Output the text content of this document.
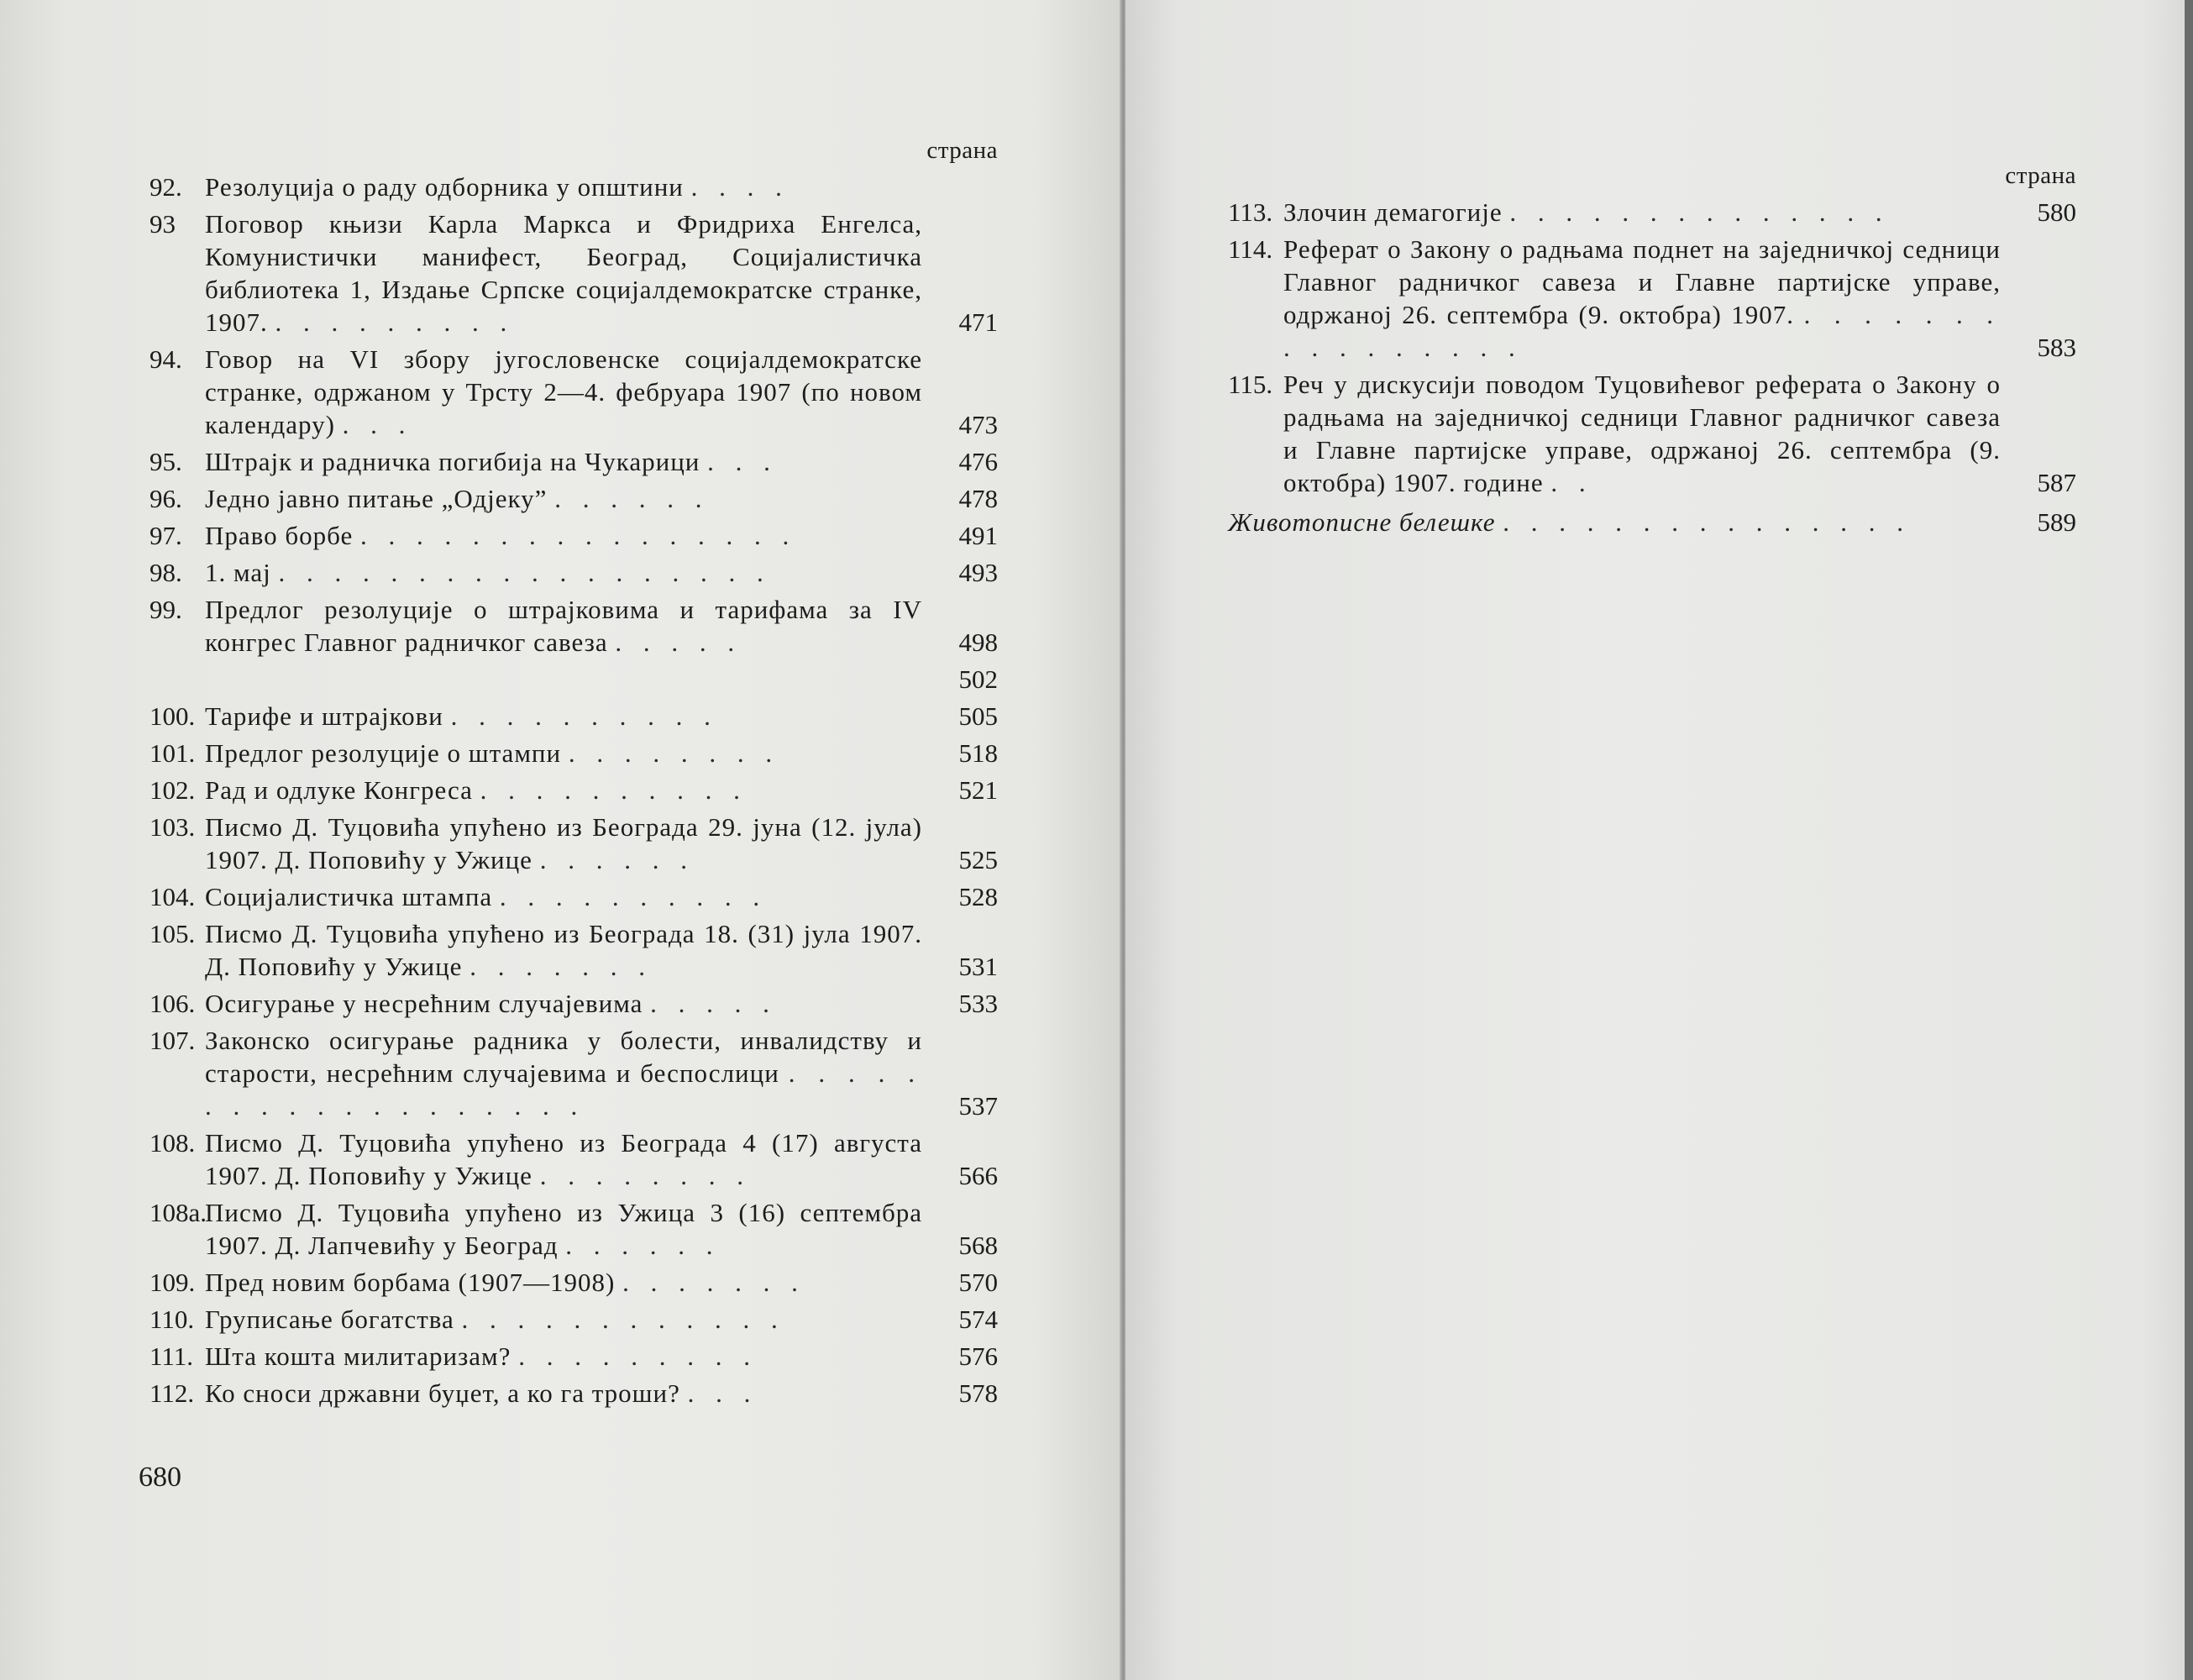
страна
92. Резолуција о раду одборника у општини . . . .
93	Поговор књизи Карла Маркса и Фридриха Енгелса, Комунистички манифест, Београд, Социјалистичка библиотека 1, Издање Српске социјалдемократске странке, 1907. . . . . . . . . .	471
94. Говор на VI збору југословенске социјалдемократске странке, одржаном у Трсту 2—4. фебруара 1907 (по новом календару) . . .	473
95. Штрајк и радничка погибија на Чукарици . . .	476
96. Једно јавно питање „Одјеку” . . . . . .	478
97. Право борбе . . . . . . . . . . . . . . . .	491
98. 1. мај . . . . . . . . . . . . . . . . . .	493
99. Предлог резолуције о штрајковима и тарифама за IV конгрес Главног радничког савеза . . . . .	498
502
100. Тарифе и штрајкови . . . . . . . . . .	505
101. Предлог резолуције о штампи . . . . . . . .	518
102. Рад и одлуке Конгреса . . . . . . . . . .	521
103. Писмо Д. Туцовића упућено из Београда 29. јуна (12. јула) 1907. Д. Поповићу у Ужице . . . . . .	525
104. Социјалистичка штампа . . . . . . . . . .	528
105. Писмо Д. Туцовића упућено из Београда 18. (31) јула 1907. Д. Поповићу у Ужице . . . . . . .	531
106. Осигурање у несрећним случајевима . . . . .	533
107. Законско осигурање радника у болести, инвалидству и старости, несрећним случајевима и беспослици . . . . . . . . . . . . . . . . . . .	537
108. Писмо Д. Туцовића упућено из Београда 4 (17) августа 1907. Д. Поповићу у Ужице . . . . . . . .	566
108а.
Писмо Д. Туцовића упућено из Ужица 3 (16) септембра 1907. Д. Лапчевићу у Београд . . . . . .	568
109. Пред новим борбама (1907—1908) . . . . . . .	570
110. Груписање богатства . . . . . . . . . . . .	574
111. Шта кошта милитаризам? . . . . . . . . .	576
112. Ко сноси државни буџет, а ко га троши? . . .	578
680
страна
113. Злочин демагогије . . . . . . . . . . . . . .	580
114. Реферат о Закону о радњама поднет на заједничкој седници Главног радничког савеза и Главне партијске управе, одржаној 26. септембра (9. октобра) 1907. . . . . . . . . . . . . . . . .	583
115. Реч у дискусији поводом Туцовићевог реферата о Закону о радњама на заједничкој седници Главног радничког савеза и Главне партијске управе, одржаној 26. септембра (9. октобра) 1907. године . .	587
Животописне белешке . . . . . . . . . . . . . . .	589
